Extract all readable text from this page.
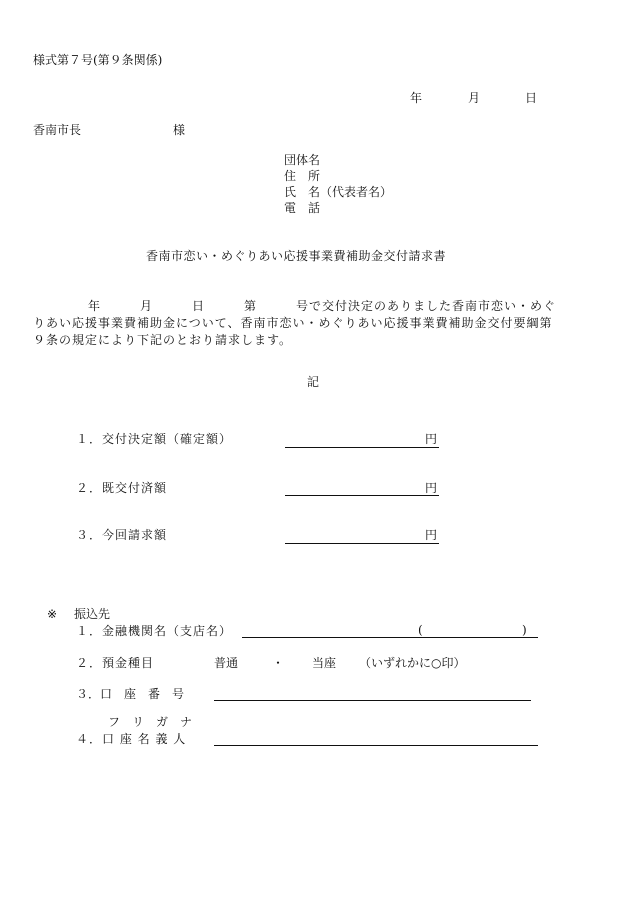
様式第７号(第９条関係)
年	月	日
香南市長	様
団体名
住　所
氏　名（代表者名）
電　話
香南市恋い・めぐりあい応援事業費補助金交付請求書
年　　　月　　　日　　　第　　　号で交付決定のありました香南市恋い・めぐ
りあい応援事業費補助金について、香南市恋い・めぐりあい応援事業費補助金交付要綱第
９条の規定により下記のとおり請求します。
記
１．交付決定額（確定額）	円
２．既交付済額	円
３．今回請求額	円
※ 振込先
１．金融機関名（支店名）	(	)
２．預金種目	普通	・ 当座 （いずれかに○印）
３．口　座　番　号
フ　リ　ガ　ナ
４．口 座 名 義 人
